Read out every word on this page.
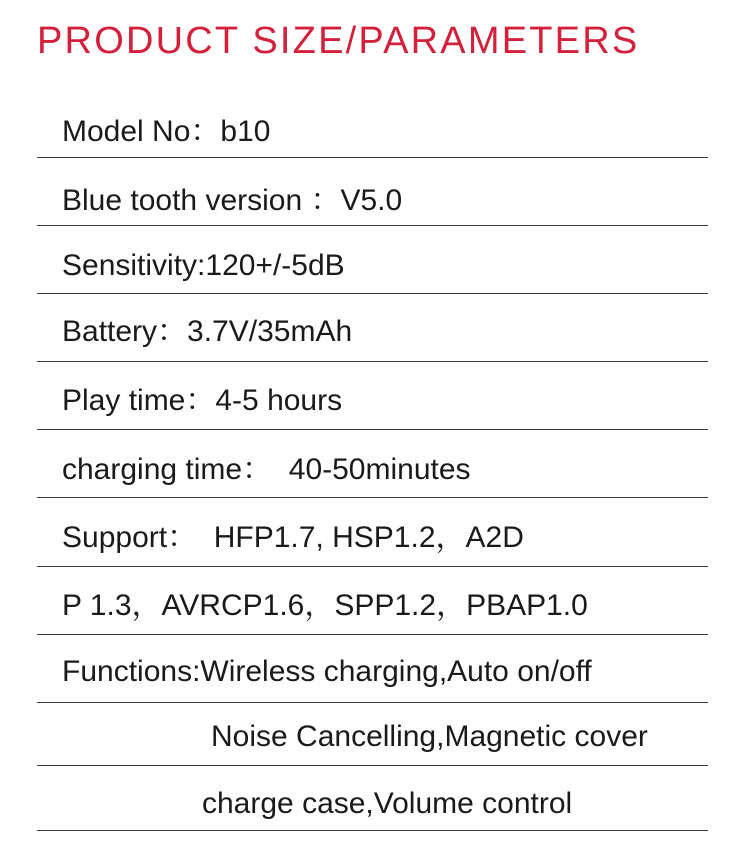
PRODUCT SIZE/PARAMETERS
Model No：b10
Blue tooth version ：V5.0
Sensitivity:120+/-5dB
Battery：3.7V/35mAh
Play time：4-5 hours
charging time：  40-50minutes
Support：  HFP1.7, HSP1.2，A2D
P 1.3，AVRCP1.6，SPP1.2，PBAP1.0
Functions:Wireless charging,Auto on/off
Noise Cancelling,Magnetic cover
charge case,Volume control
